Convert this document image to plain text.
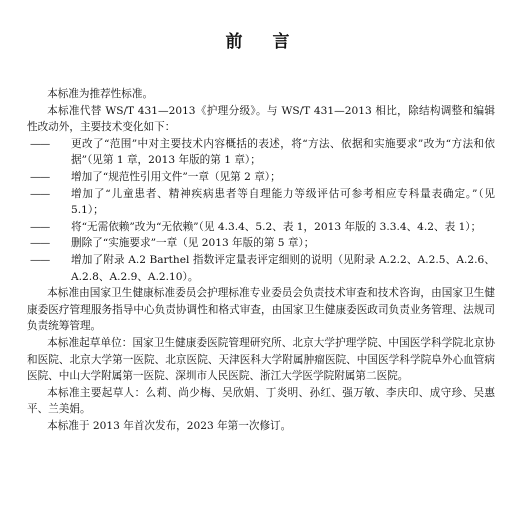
前 言

本标准为推荐性标准。

本标准代替 WS/T 431—2013《护理分级》。与 WS/T 431—2013 相比，除结构调整和编辑性改动外，主要技术变化如下：

——	更改了“范围”中对主要技术内容概括的表述，将“方法、依据和实施要求”改为“方法和依据”（见第 1 章，2013 年版的第 1 章）；
——	增加了“规范性引用文件”一章（见第 2 章）；
——	增加了“儿童患者、精神疾病患者等自理能力等级评估可参考相应专科量表确定。”（见 5.1）；
——	将“无需依赖”改为“无依赖”（见 4.3.4、5.2、表 1，2013 年版的 3.3.4、4.2、表 1）；
——	删除了“实施要求”一章（见 2013 年版的第 5 章）；
——	增加了附录 A.2 Barthel 指数评定量表评定细则的说明（见附录 A.2.2、A.2.5、A.2.6、A.2.8、A.2.9、A.2.10）。

本标准由国家卫生健康标准委员会护理标准专业委员会负责技术审查和技术咨询，由国家卫生健康委医疗管理服务指导中心负责协调性和格式审查，由国家卫生健康委医政司负责业务管理、法规司负责统筹管理。

本标准起草单位：国家卫生健康委医院管理研究所、北京大学护理学院、中国医学科学院北京协和医院、北京大学第一医院、北京医院、天津医科大学附属肿瘤医院、中国医学科学院阜外心血管病医院、中山大学附属第一医院、深圳市人民医院、浙江大学医学院附属第二医院。

本标准主要起草人：么莉、尚少梅、吴欣娟、丁炎明、孙红、强万敏、李庆印、成守珍、吴惠平、兰美娟。

本标准于 2013 年首次发布，2023 年第一次修订。
